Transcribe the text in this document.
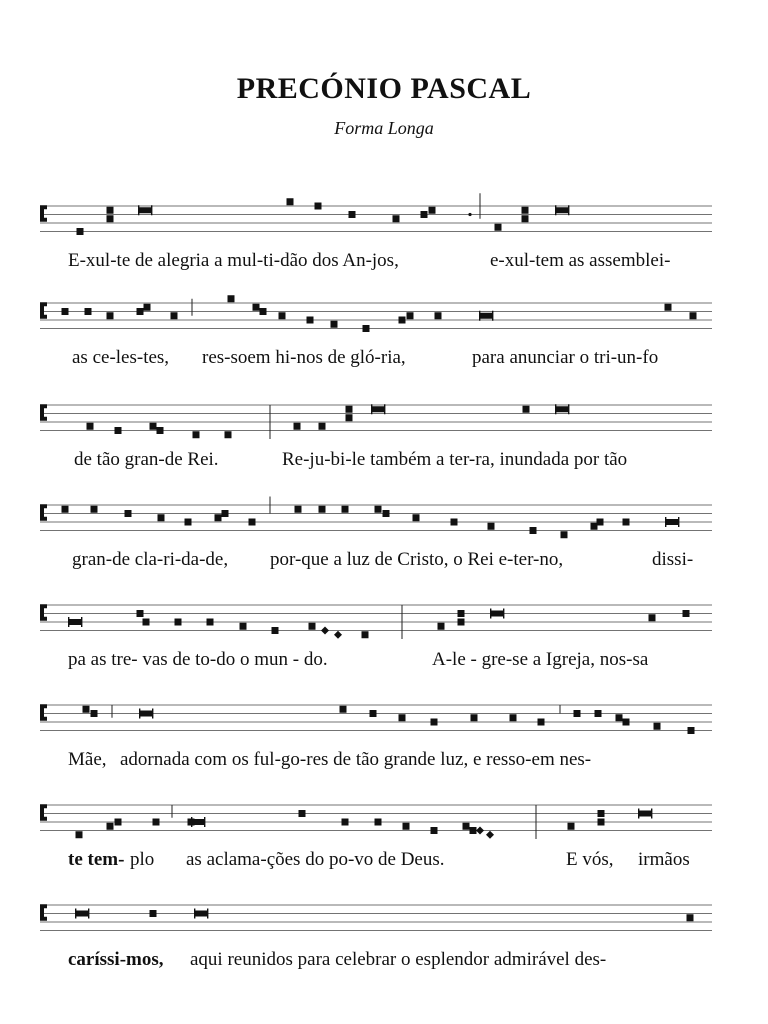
PRECÓNIO PASCAL

Forma Longa

E-xul-te de alegria a mul-ti-dão dos An-jos,	e-xul-tem as assemblei-
as ce-les-tes, res-soem hi-nos de gló-ria,	para anunciar o tri-un-fo
de tão gran-de Rei.	Re-ju-bi-le também a ter-ra, inundada por tão
gran-de cla-ri-da-de, por-que a luz de Cristo, o Rei e-ter-no,	dissi-
pa as tre- vas de to-do o mun - do.	A-le - gre-se a Igreja, nos-sa
Mãe, adornada com os ful-go-res de tão grande luz, e resso-em nes-
te tem- plo as aclama-ções do po-vo de Deus.	E vós, irmãos
caríssi-mos, aqui reunidos para celebrar o esplendor admirável des-
